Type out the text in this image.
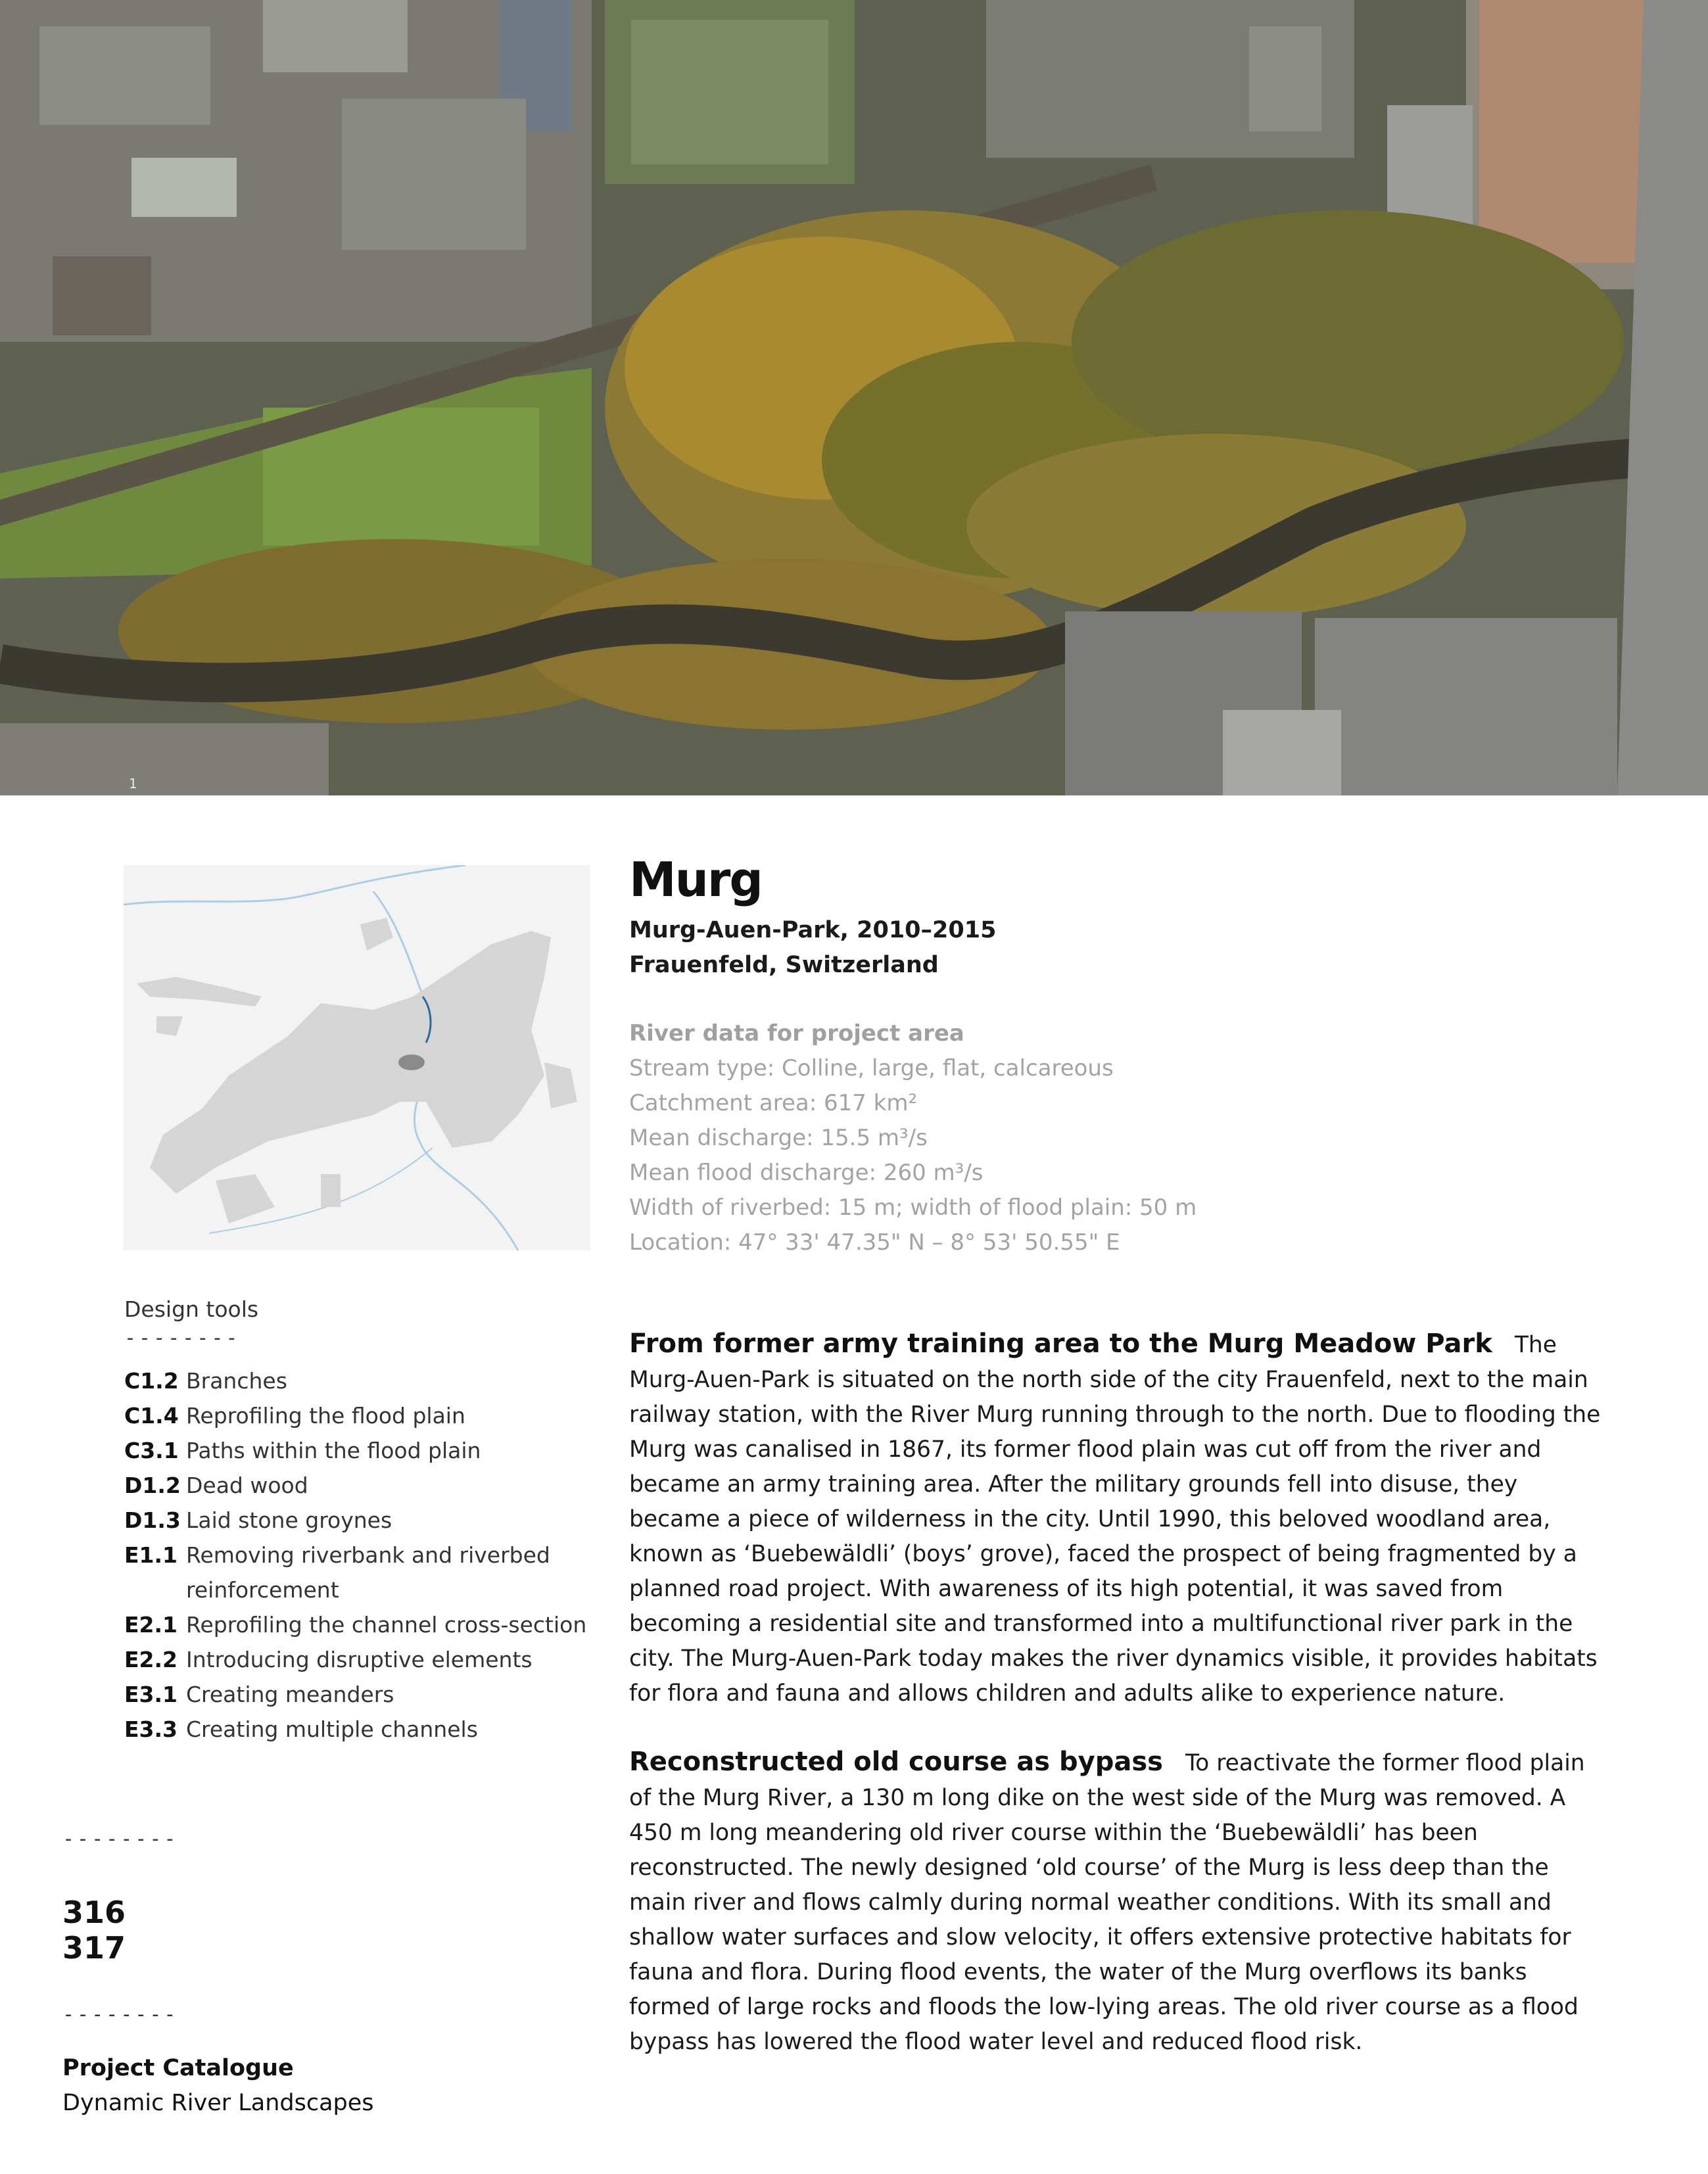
1
Murg
Murg-Auen-Park, 2010–2015
Frauenfeld, Switzerland
River data for project area
Stream type: Colline, large, flat, calcareous
Catchment area: 617 km²
Mean discharge: 15.5 m³/s
Mean flood discharge: 260 m³/s
Width of riverbed: 15 m; width of flood plain: 50 m
Location: 47° 33' 47.35" N – 8° 53' 50.55" E
Design tools
--------
C1.2 Branches
C1.4 Reprofiling the flood plain
C3.1 Paths within the flood plain
D1.2 Dead wood
D1.3 Laid stone groynes
E1.1 Removing riverbank and riverbed reinforcement
E2.1 Reprofiling the channel cross-section
E2.2 Introducing disruptive elements
E3.1 Creating meanders
E3.3 Creating multiple channels
From former army training area to the Murg Meadow Park The Murg-Auen-Park is situated on the north side of the city Frauenfeld, next to the main railway station, with the River Murg running through to the north. Due to flooding the Murg was canalised in 1867, its former flood plain was cut off from the river and became an army training area. After the military grounds fell into disuse, they became a piece of wilderness in the city. Until 1990, this beloved woodland area, known as ‘Buebewäldli’ (boys’ grove), faced the prospect of being fragmented by a planned road project. With awareness of its high potential, it was saved from becoming a residential site and transformed into a multifunctional river park in the city. The Murg-Auen-Park today makes the river dynamics visible, it provides habitats for flora and fauna and allows children and adults alike to experience nature.
Reconstructed old course as bypass To reactivate the former flood plain of the Murg River, a 130 m long dike on the west side of the Murg was removed. A 450 m long meandering old river course within the ‘Buebewäldli’ has been reconstructed. The newly designed ‘old course’ of the Murg is less deep than the main river and flows calmly during normal weather conditions. With its small and shallow water surfaces and slow velocity, it offers extensive protective habitats for fauna and flora. During flood events, the water of the Murg overflows its banks formed of large rocks and floods the low-lying areas. The old river course as a flood bypass has lowered the flood water level and reduced flood risk.
--------
316
317
--------
Project Catalogue
Dynamic River Landscapes
